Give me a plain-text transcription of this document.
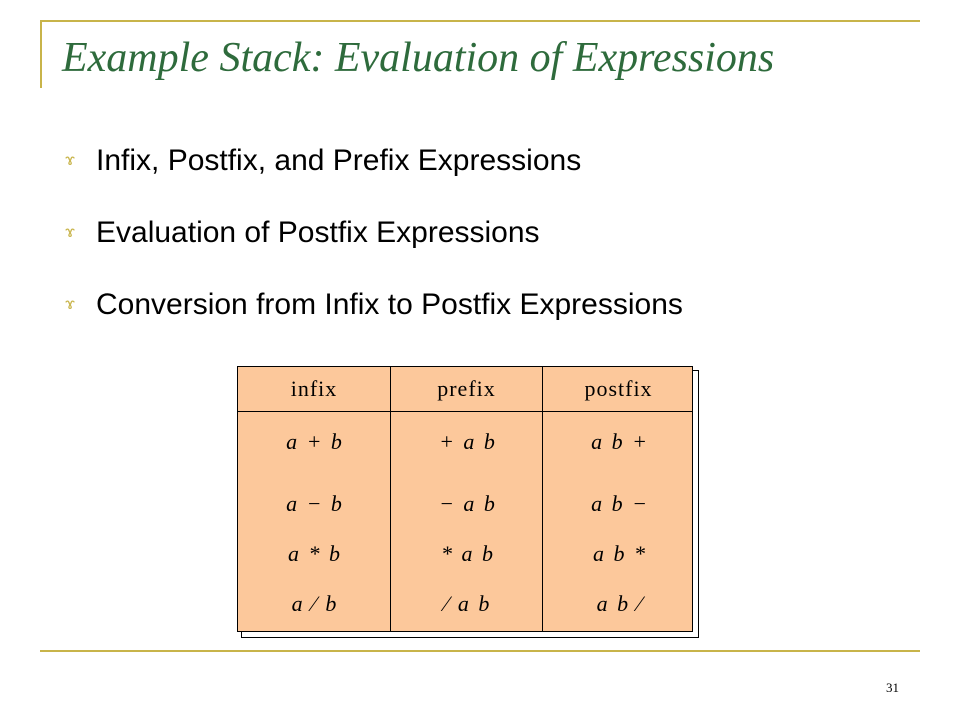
Example Stack: Evaluation of Expressions
ɤ Infix, Postfix, and Prefix Expressions
ɤ Evaluation of Postfix Expressions
ɤ Conversion from Infix to Postfix Expressions
infix
a + b
a − b
a * b
a ⁄ b
prefix
+ a b
− a b
* a b
⁄ a b
postfix
a b +
a b −
a b *
a b ⁄
31
